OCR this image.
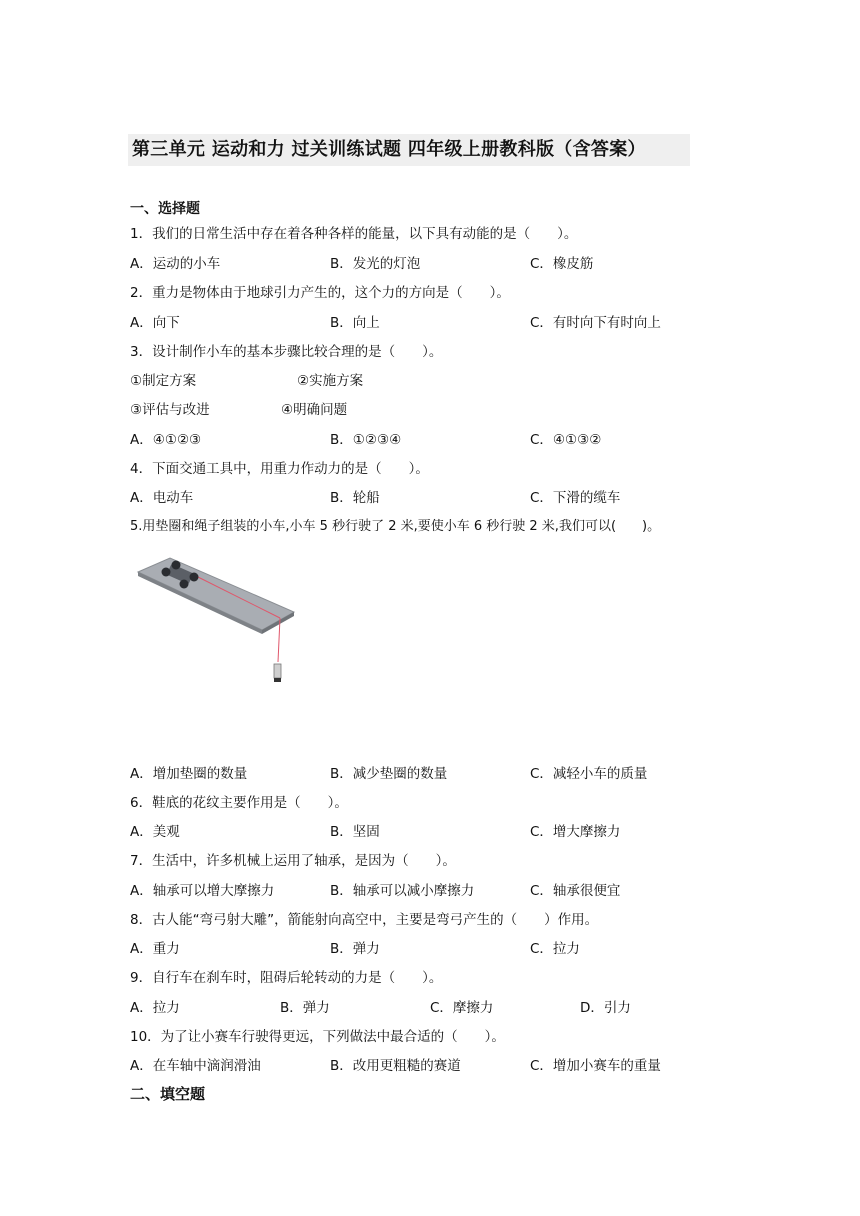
第三单元 运动和力 过关训练试题 四年级上册教科版（含答案）
一、选择题
1．我们的日常生活中存在着各种各样的能量，以下具有动能的是（　　）。
A．运动的小车	B．发光的灯泡	C．橡皮筋
2．重力是物体由于地球引力产生的，这个力的方向是（　　）。
A．向下	B．向上	C．有时向下有时向上
3．设计制作小车的基本步骤比较合理的是（　　）。
①制定方案	②实施方案
③评估与改进	④明确问题
A．④①②③	B．①②③④	C．④①③②
4．下面交通工具中，用重力作动力的是（　　）。
A．电动车	B．轮船	C．下滑的缆车
5.用垫圈和绳子组装的小车,小车 5 秒行驶了 2 米,要使小车 6 秒行驶 2 米,我们可以(　　)。
A．增加垫圈的数量	B．减少垫圈的数量	C．减轻小车的质量
6．鞋底的花纹主要作用是（　　）。
A．美观	B．坚固	C．增大摩擦力
7．生活中，许多机械上运用了轴承，是因为（　　）。
A．轴承可以增大摩擦力	B．轴承可以减小摩擦力	C．轴承很便宜
8．古人能“弯弓射大雕”，箭能射向高空中，主要是弯弓产生的（　　）作用。
A．重力	B．弹力	C．拉力
9．自行车在刹车时，阻碍后轮转动的力是（　　）。
A．拉力	B．弹力	C．摩擦力	D．引力
10．为了让小赛车行驶得更远，下列做法中最合适的（　　）。
A．在车轴中滴润滑油	B．改用更粗糙的赛道	C．增加小赛车的重量
二、填空题
